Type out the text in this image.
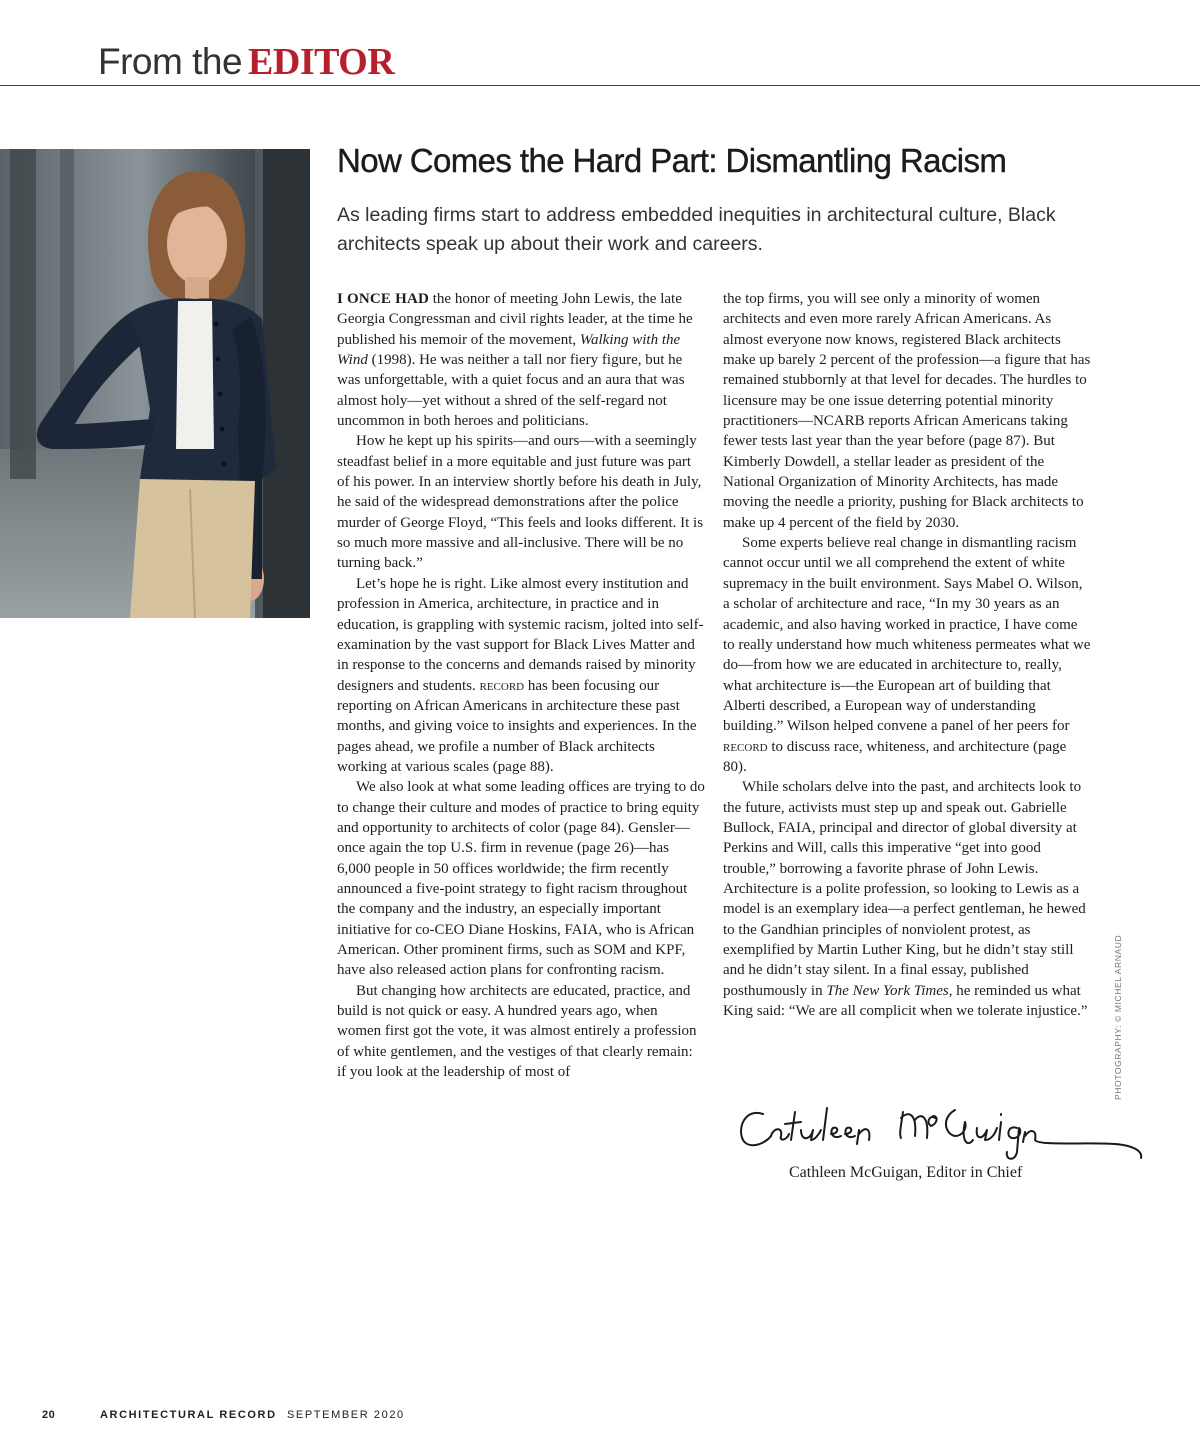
From the EDITOR
Now Comes the Hard Part: Dismantling Racism

As leading firms start to address embedded inequities in architectural culture, Black architects speak up about their work and careers.

I ONCE HAD the honor of meeting John Lewis, the late Georgia Congressman and civil rights leader, at the time he published his memoir of the movement, Walking with the Wind (1998). He was neither a tall nor fiery figure, but he was unforgettable, with a quiet focus and an aura that was almost holy—yet without a shred of the self-regard not uncommon in both heroes and politicians.

How he kept up his spirits—and ours—with a seemingly steadfast belief in a more equitable and just future was part of his power. In an interview shortly before his death in July, he said of the widespread demonstrations after the police murder of George Floyd, “This feels and looks different. It is so much more massive and all-inclusive. There will be no turning back.”

Let’s hope he is right. Like almost every institution and profession in America, architecture, in practice and in education, is grappling with systemic racism, jolted into self-examination by the vast support for Black Lives Matter and in response to the concerns and demands raised by minority designers and students. record has been focusing our reporting on African Americans in architecture these past months, and giving voice to insights and experiences. In the pages ahead, we profile a number of Black architects working at various scales (page 88).

We also look at what some leading offices are trying to do to change their culture and modes of practice to bring equity and opportunity to architects of color (page 84). Gensler—once again the top U.S. firm in revenue (page 26)—has 6,000 people in 50 offices worldwide; the firm recently announced a five-point strategy to fight racism throughout the company and the industry, an especially important initiative for co-CEO Diane Hoskins, FAIA, who is African American. Other prominent firms, such as SOM and KPF, have also released action plans for confronting racism.

But changing how architects are educated, practice, and build is not quick or easy. A hundred years ago, when women first got the vote, it was almost entirely a profession of white gentlemen, and the vestiges of that clearly remain: if you look at the leadership of most of

the top firms, you will see only a minority of women architects and even more rarely African Americans. As almost everyone now knows, registered Black architects make up barely 2 percent of the profession—a figure that has remained stubbornly at that level for decades. The hurdles to licensure may be one issue deterring potential minority practitioners—NCARB reports African Americans taking fewer tests last year than the year before (page 87). But Kimberly Dowdell, a stellar leader as president of the National Organization of Minority Architects, has made moving the needle a priority, pushing for Black architects to make up 4 percent of the field by 2030.

Some experts believe real change in dismantling racism cannot occur until we all comprehend the extent of white supremacy in the built environment. Says Mabel O. Wilson, a scholar of architecture and race, “In my 30 years as an academic, and also having worked in practice, I have come to really understand how much whiteness permeates what we do—from how we are educated in architecture to, really, what architecture is—the European art of building that Alberti described, a European way of understanding building.” Wilson helped convene a panel of her peers for record to discuss race, whiteness, and architecture (page 80).

While scholars delve into the past, and architects look to the future, activists must step up and speak out. Gabrielle Bullock, FAIA, principal and director of global diversity at Perkins and Will, calls this imperative “get into good trouble,” borrowing a favorite phrase of John Lewis. Architecture is a polite profession, so looking to Lewis as a model is an exemplary idea—a perfect gentleman, he hewed to the Gandhian principles of nonviolent protest, as exemplified by Martin Luther King, but he didn’t stay still and he didn’t stay silent. In a final essay, published posthumously in The New York Times, he reminded us what King said: “We are all complicit when we tolerate injustice.”

Cathleen McGuigan, Editor in Chief
PHOTOGRAPHY: © MICHEL ARNAUD
20	ARCHITECTURAL RECORD SEPTEMBER 2020
